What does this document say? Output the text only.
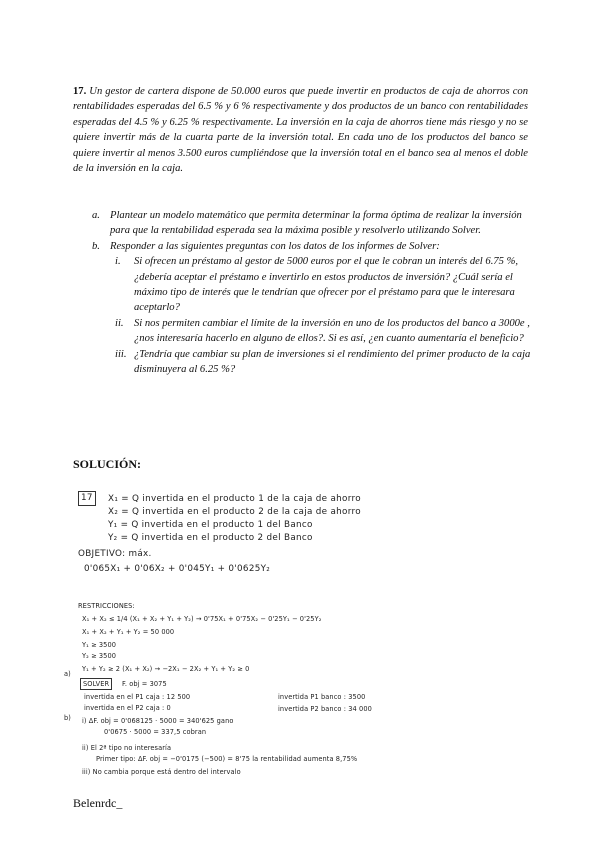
17. Un gestor de cartera dispone de 50.000 euros que puede invertir en productos de caja de ahorros con rentabilidades esperadas del 6.5 % y 6 % respectivamente y dos productos de un banco con rentabilidades esperadas del 4.5 % y 6.25 % respectivamente. La inversión en la caja de ahorros tiene más riesgo y no se quiere invertir más de la cuarta parte de la inversión total. En cada uno de los productos del banco se quiere invertir al menos 3.500 euros cumpliéndose que la inversión total en el banco sea al menos el doble de la inversión en la caja.
a. Plantear un modelo matemático que permita determinar la forma óptima de realizar la inversión para que la rentabilidad esperada sea la máxima posible y resolverlo utilizando Solver.
b. Responder a las siguientes preguntas con los datos de los informes de Solver:
i. Si ofrecen un préstamo al gestor de 5000 euros por el que le cobran un interés del 6.75 %, ¿debería aceptar el préstamo e invertirlo en estos productos de inversión? ¿Cuál sería el máximo tipo de interés que le tendrían que ofrecer por el préstamo para que le interesara aceptarlo?
ii. Si nos permiten cambiar el límite de la inversión en uno de los productos del banco a 3000e , ¿nos interesaría hacerlo en alguno de ellos?. Si es así, ¿en cuanto aumentaría el beneficio?
iii. ¿Tendría que cambiar su plan de inversiones si el rendimiento del primer producto de la caja disminuyera al 6.25 %?
SOLUCIÓN:
17	X₁ = Q invertida en el producto 1 de la caja de ahorro
X₂ = Q invertida en el producto 2 de la caja de ahorro
Y₁ = Q invertida en el producto 1 del Banco
Y₂ = Q invertida en el producto 2 del Banco
OBJETIVO: máx.
0'065X₁ + 0'06X₂ + 0'045Y₁ + 0'0625Y₂
RESTRICCIONES:
X₁ + X₂ ≤ 1/4 (X₁ + X₂ + Y₁ + Y₂) → 0'75X₁ + 0'75X₂ − 0'25Y₁ − 0'25Y₂
X₁ + X₂ + Y₁ + Y₂ = 50 000
Y₁ ≥ 3500
Y₂ ≥ 3500
Y₁ + Y₂ ≥ 2 (X₁ + X₂) → −2X₁ − 2X₂ + Y₁ + Y₂ ≥ 0
a)
SOLVER	F. obj = 3075
invertida en el P1 caja : 12 500
invertida en el P2 caja : 0
invertida P1 banco : 3500
invertida P2 banco : 34 000
b) i) ΔF. obj = 0'068125 · 5000 = 340'625 gano
0'0675 · 5000 = 337,5 cobran
ii) El 2ª tipo no interesaría
Primer tipo: ΔF. obj = −0'0175 (−500) = 8'75 la rentabilidad aumenta 8,75%
iii) No cambia porque está dentro del intervalo
Belenrdc_
